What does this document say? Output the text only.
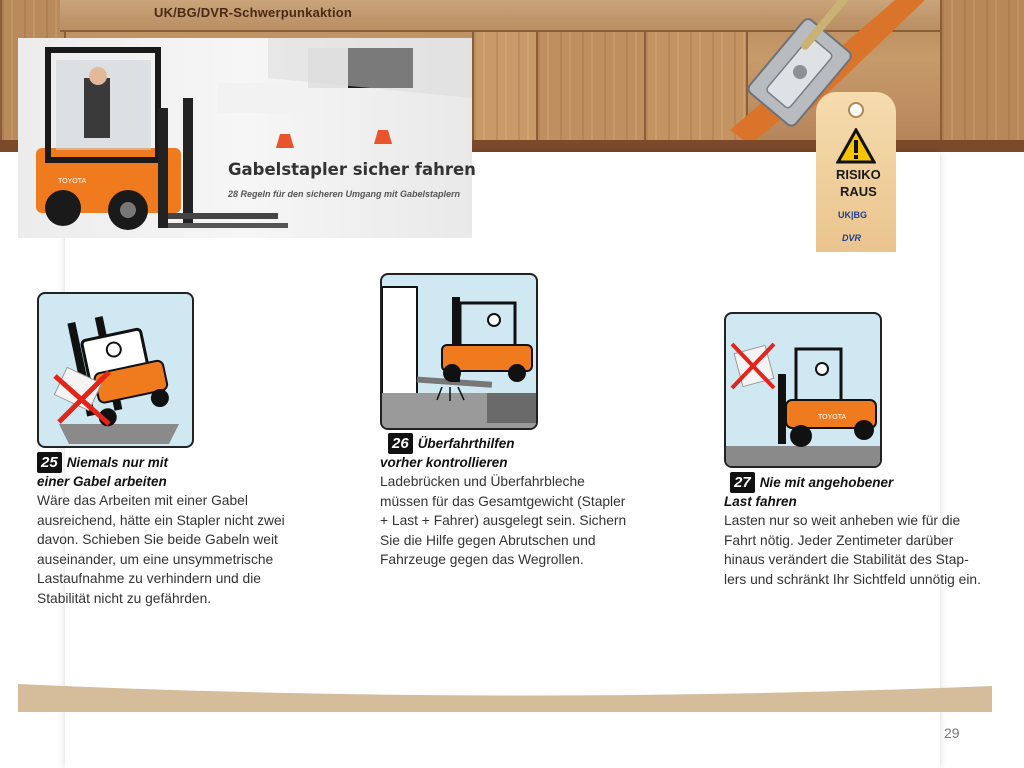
UK/BG/DVR-Schwerpunkaktion
TOYOTA
Gabelstapler sicher fahren
28 Regeln für den sicheren Umgang mit Gabelstaplern
RISIKO
RAUS
UK|BG
DVR
25 Niemals nur mit
einer Gabel arbeiten
Wäre das Arbeiten mit einer Gabel
ausreichend, hätte ein Stapler nicht zwei
davon. Schieben Sie beide Gabeln weit
auseinander, um eine unsymmetrische
Lastaufnahme zu verhindern und die
Stabilität nicht zu gefährden.
26 Überfahrthilfen
vorher kontrollieren
Ladebrücken und Überfahrbleche
müssen für das Gesamtgewicht (Stapler
+ Last + Fahrer) ausgelegt sein. Sichern
Sie die Hilfe gegen Abrutschen und
Fahrzeuge gegen das Wegrollen.
TOYOTA
27 Nie mit angehobener
Last fahren
Lasten nur so weit anheben wie für die
Fahrt nötig. Jeder Zentimeter darüber
hinaus verändert die Stabilität des Stap-
lers und schränkt Ihr Sichtfeld unnötig ein.
29
